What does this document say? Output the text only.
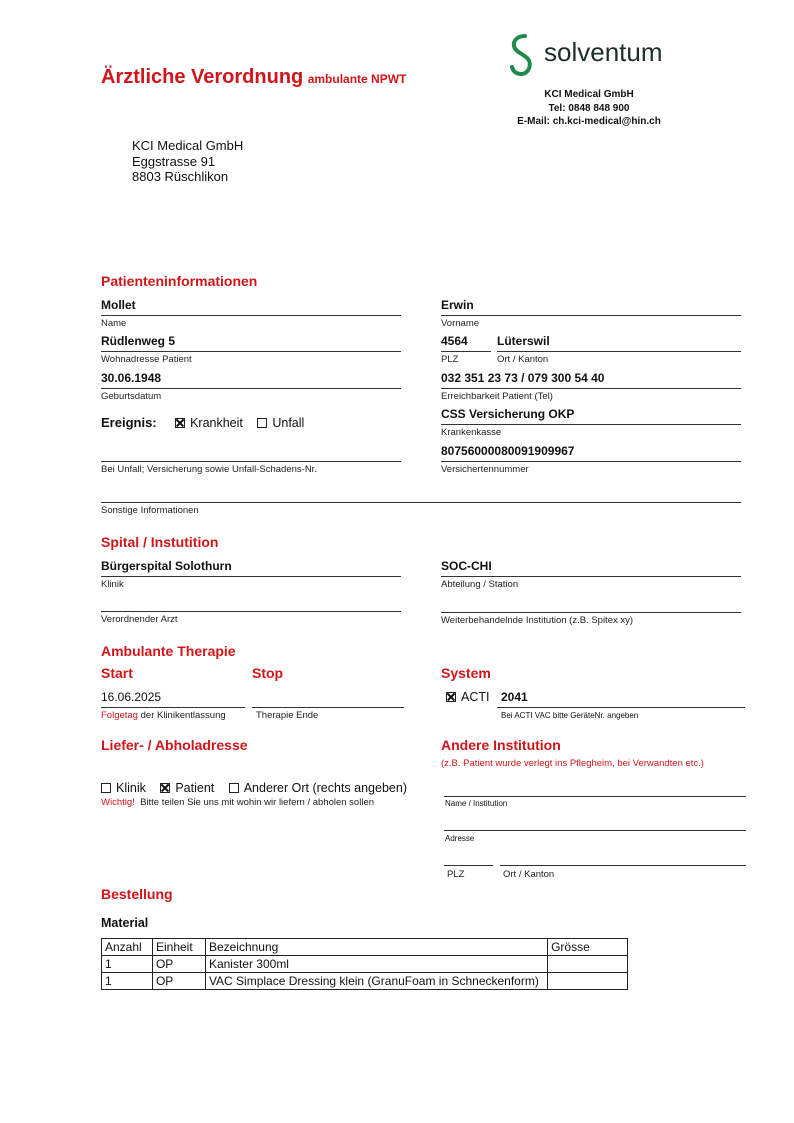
Ärztliche Verordnung ambulante NPWT
solventum
KCI Medical GmbH
Tel: 0848 848 900
E-Mail: ch.kci-medical@hin.ch
KCI Medical GmbH
Eggstrasse 91
8803 Rüschlikon
Patienteninformationen
Mollet
Name
Erwin
Vorname
Rüdlenweg 5
Wohnadresse Patient
4564
PLZ
Lüterswil
Ort / Kanton
30.06.1948
Geburtsdatum
032 351 23 73 / 079 300 54 40
Erreichbarkeit Patient (Tel)
Ereignis:	Krankheit Unfall
CSS Versicherung OKP
Krankenkasse
Bei Unfall; Versicherung sowie Unfall-Schadens-Nr.
80756000080091909967
Versichertennummer
Sonstige Informationen
Spital / Instutition
Bürgerspital Solothurn
Klinik
SOC-CHI
Abteilung / Station
Verordnender Arzt	Weiterbehandelnde Institution (z.B. Spitex xy)
Ambulante Therapie
Start	Stop	System
16.06.2025
Folgetag der Klinikentlassung	Therapie Ende
ACTI 2041
Bei ACTI VAC bitte GeräteNr. angeben
Liefer- / Abholadresse
Klinik Patient Anderer Ort (rechts angeben)
Wichtig! Bitte teilen Sie uns mit wohin wir liefern / abholen sollen
Andere Institution
(z.B. Patient wurde verlegt ins Pflegheim, bei Verwandten etc.)
Name / Institution
Adresse
PLZ	Ort / Kanton
Bestellung
Material
Anzahl	Einheit	Bezeichnung	Grösse
1	OP	Kanister 300ml	
1	OP	VAC Simplace Dressing klein (GranuFoam in Schneckenform)	
